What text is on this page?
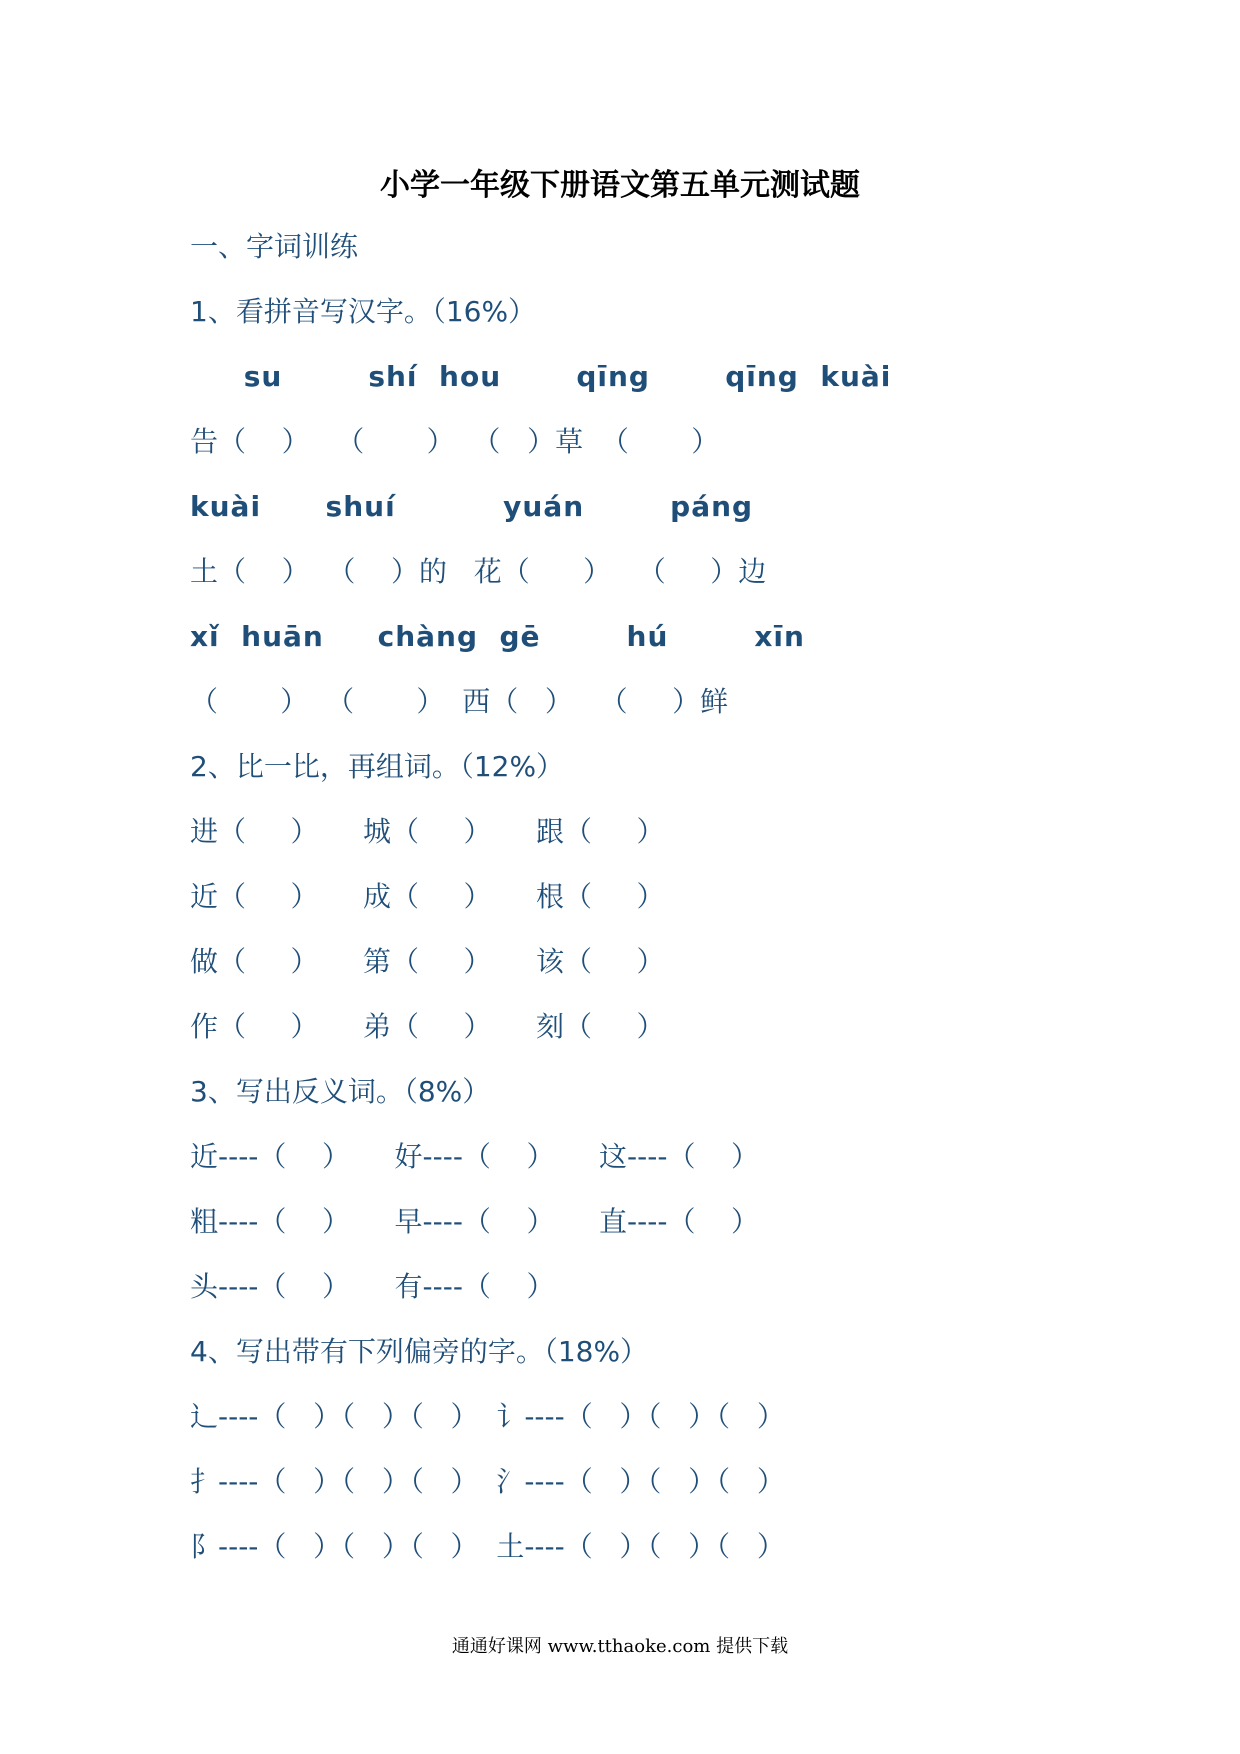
小学一年级下册语文第五单元测试题
一、字词训练
1、看拼音写汉字。（16%）
su        shí  hou       qīng       qīng  kuài
告（    ）   （       ）  （   ）草  （       ）
kuài      shuí          yuán        páng
土（    ）  （    ）的   花（      ）   （     ）边
xǐ  huān     chàng  gē        hú        xīn
（       ）  （       ）  西（   ）   （     ）鲜
2、比一比，再组词。（12%）
进（     ）     城（     ）     跟（     ）
近（     ）     成（     ）     根（     ）
做（     ）     第（     ）     该（     ）
作（     ）     弟（     ）     刻（     ）
3、写出反义词。（8%）
近----（    ）     好----（    ）     这----（    ）
粗----（    ）     早----（    ）     直----（    ）
头----（    ）     有----（    ）
4、写出带有下列偏旁的字。（18%）
辶----（   ）（   ）（   ）  讠----（   ）（   ）（   ）
扌----（   ）（   ）（   ）  氵----（   ）（   ）（   ）
阝----（   ）（   ）（   ）  土----（   ）（   ）（   ）
通通好课网 www.tthaoke.com 提供下载
